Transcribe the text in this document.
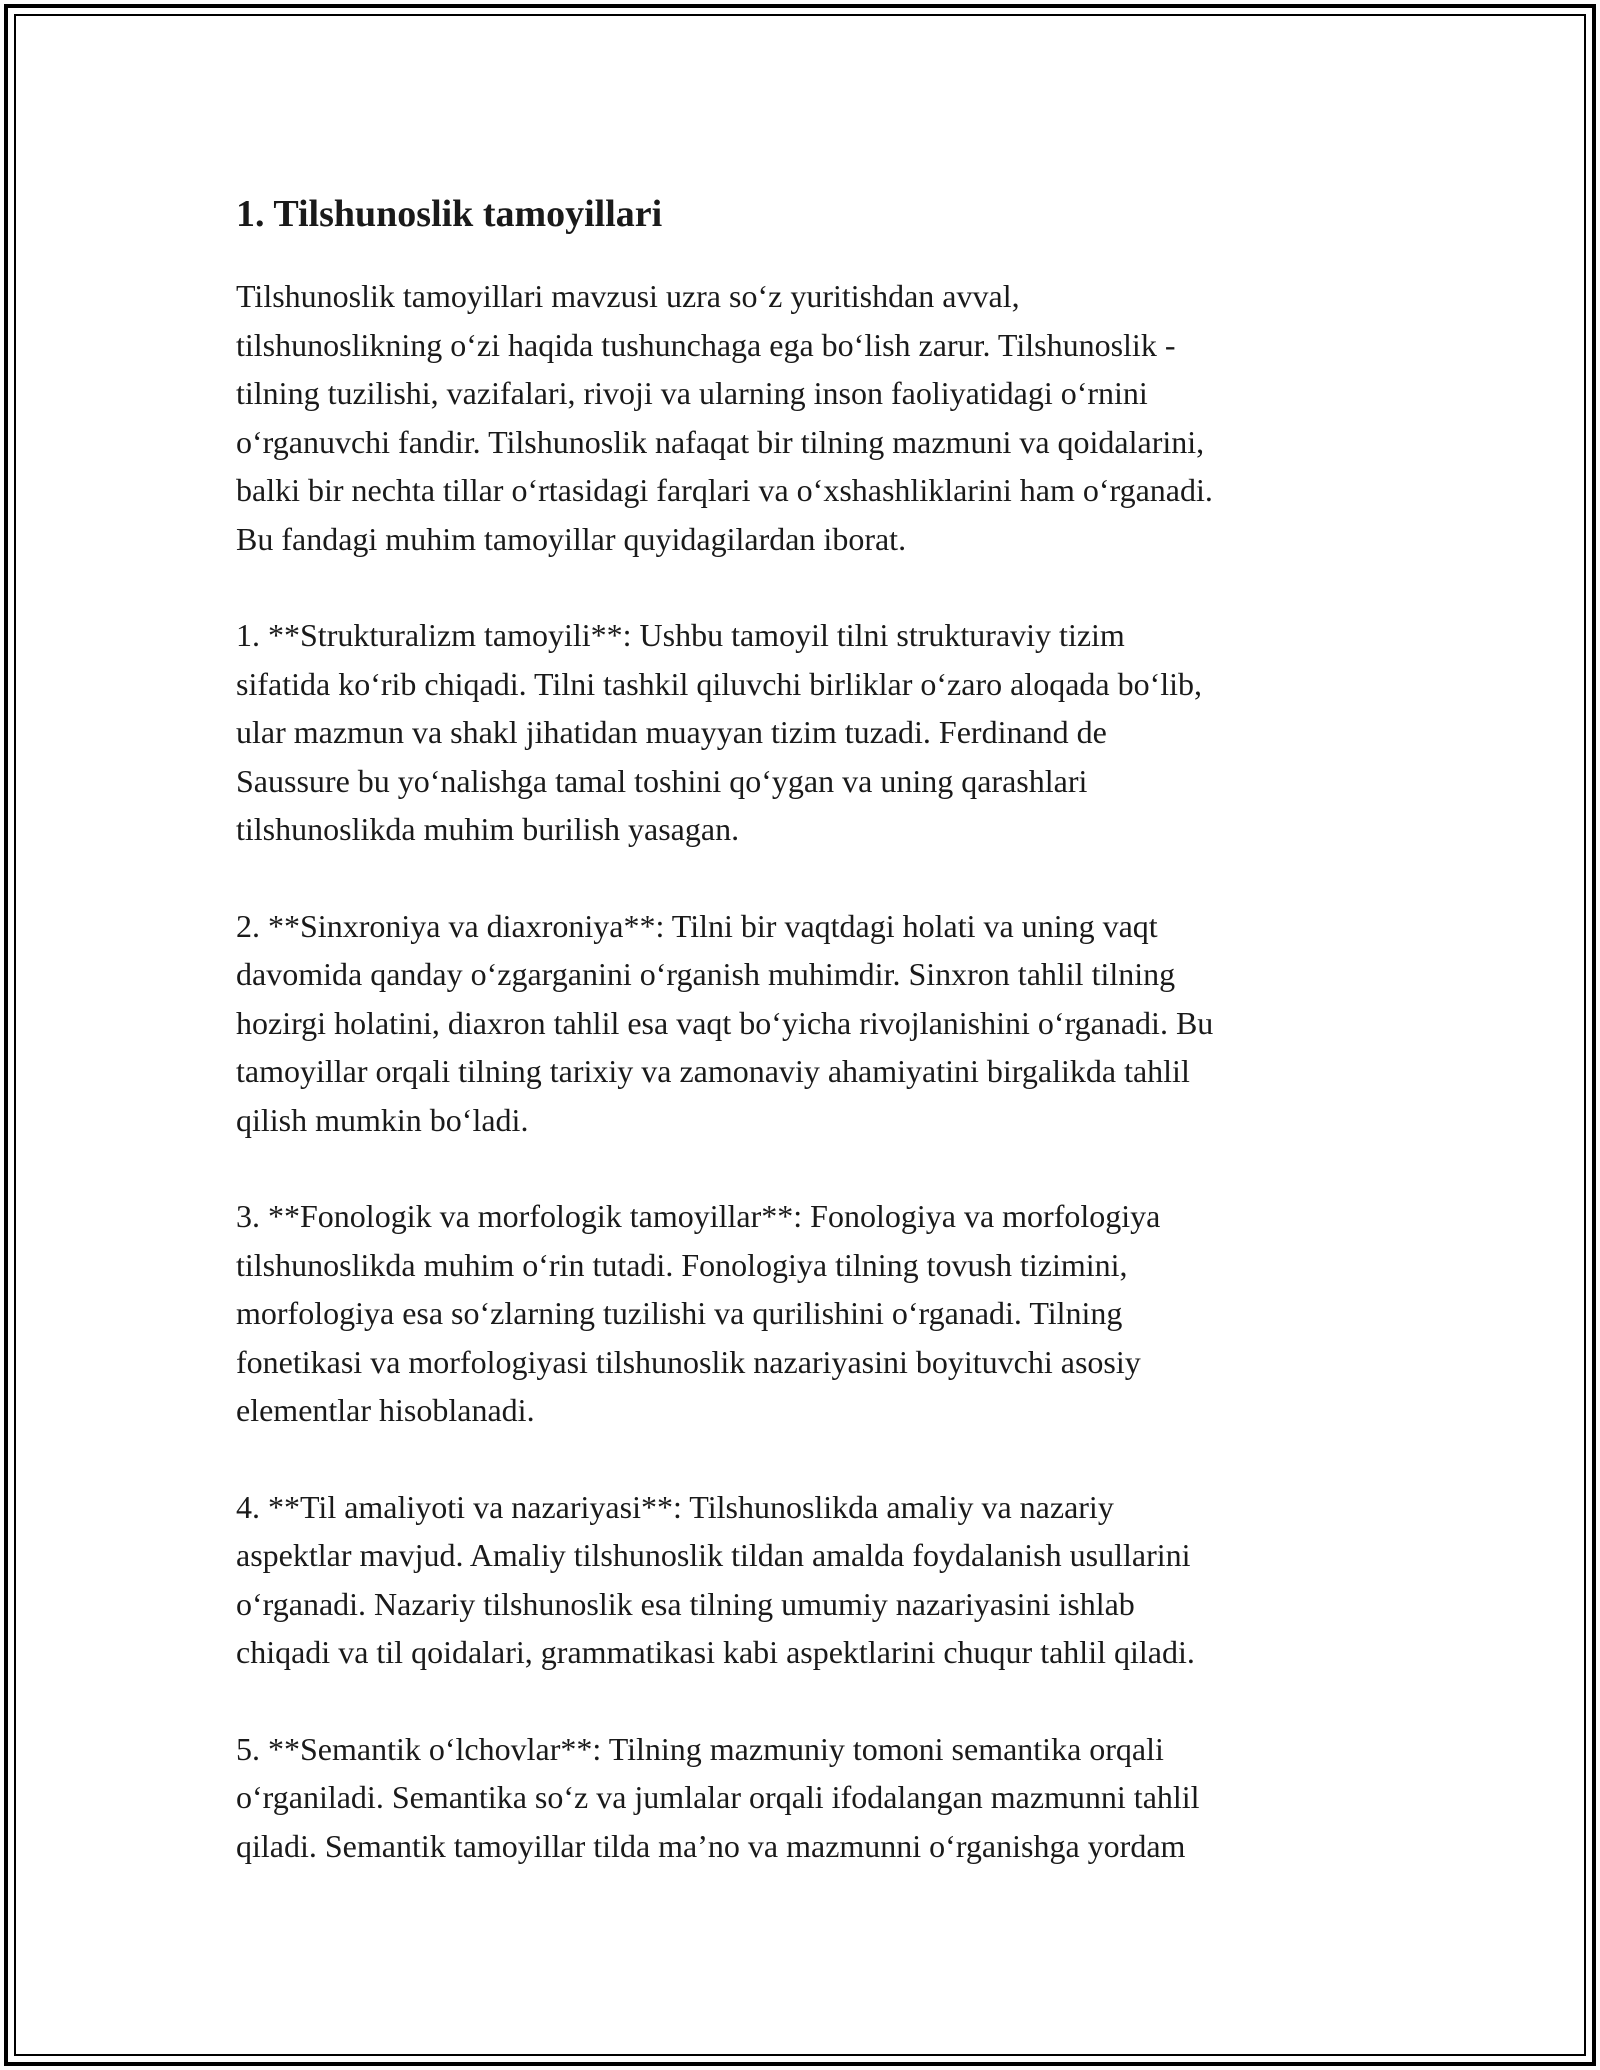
1. Tilshunoslik tamoyillari

Tilshunoslik tamoyillari mavzusi uzra so‘z yuritishdan avval,
tilshunoslikning o‘zi haqida tushunchaga ega bo‘lish zarur. Tilshunoslik -
tilning tuzilishi, vazifalari, rivoji va ularning inson faoliyatidagi o‘rnini
o‘rganuvchi fandir. Tilshunoslik nafaqat bir tilning mazmuni va qoidalarini,
balki bir nechta tillar o‘rtasidagi farqlari va o‘xshashliklarini ham o‘rganadi.
Bu fandagi muhim tamoyillar quyidagilardan iborat.

1. **Strukturalizm tamoyili**: Ushbu tamoyil tilni strukturaviy tizim
sifatida ko‘rib chiqadi. Tilni tashkil qiluvchi birliklar o‘zaro aloqada bo‘lib,
ular mazmun va shakl jihatidan muayyan tizim tuzadi. Ferdinand de
Saussure bu yo‘nalishga tamal toshini qo‘ygan va uning qarashlari
tilshunoslikda muhim burilish yasagan.

2. **Sinxroniya va diaxroniya**: Tilni bir vaqtdagi holati va uning vaqt
davomida qanday o‘zgarganini o‘rganish muhimdir. Sinxron tahlil tilning
hozirgi holatini, diaxron tahlil esa vaqt bo‘yicha rivojlanishini o‘rganadi. Bu
tamoyillar orqali tilning tarixiy va zamonaviy ahamiyatini birgalikda tahlil
qilish mumkin bo‘ladi.

3. **Fonologik va morfologik tamoyillar**: Fonologiya va morfologiya
tilshunoslikda muhim o‘rin tutadi. Fonologiya tilning tovush tizimini,
morfologiya esa so‘zlarning tuzilishi va qurilishini o‘rganadi. Tilning
fonetikasi va morfologiyasi tilshunoslik nazariyasini boyituvchi asosiy
elementlar hisoblanadi.

4. **Til amaliyoti va nazariyasi**: Tilshunoslikda amaliy va nazariy
aspektlar mavjud. Amaliy tilshunoslik tildan amalda foydalanish usullarini
o‘rganadi. Nazariy tilshunoslik esa tilning umumiy nazariyasini ishlab
chiqadi va til qoidalari, grammatikasi kabi aspektlarini chuqur tahlil qiladi.

5. **Semantik o‘lchovlar**: Tilning mazmuniy tomoni semantika orqali
o‘rganiladi. Semantika so‘z va jumlalar orqali ifodalangan mazmunni tahlil
qiladi. Semantik tamoyillar tilda ma’no va mazmunni o‘rganishga yordam
